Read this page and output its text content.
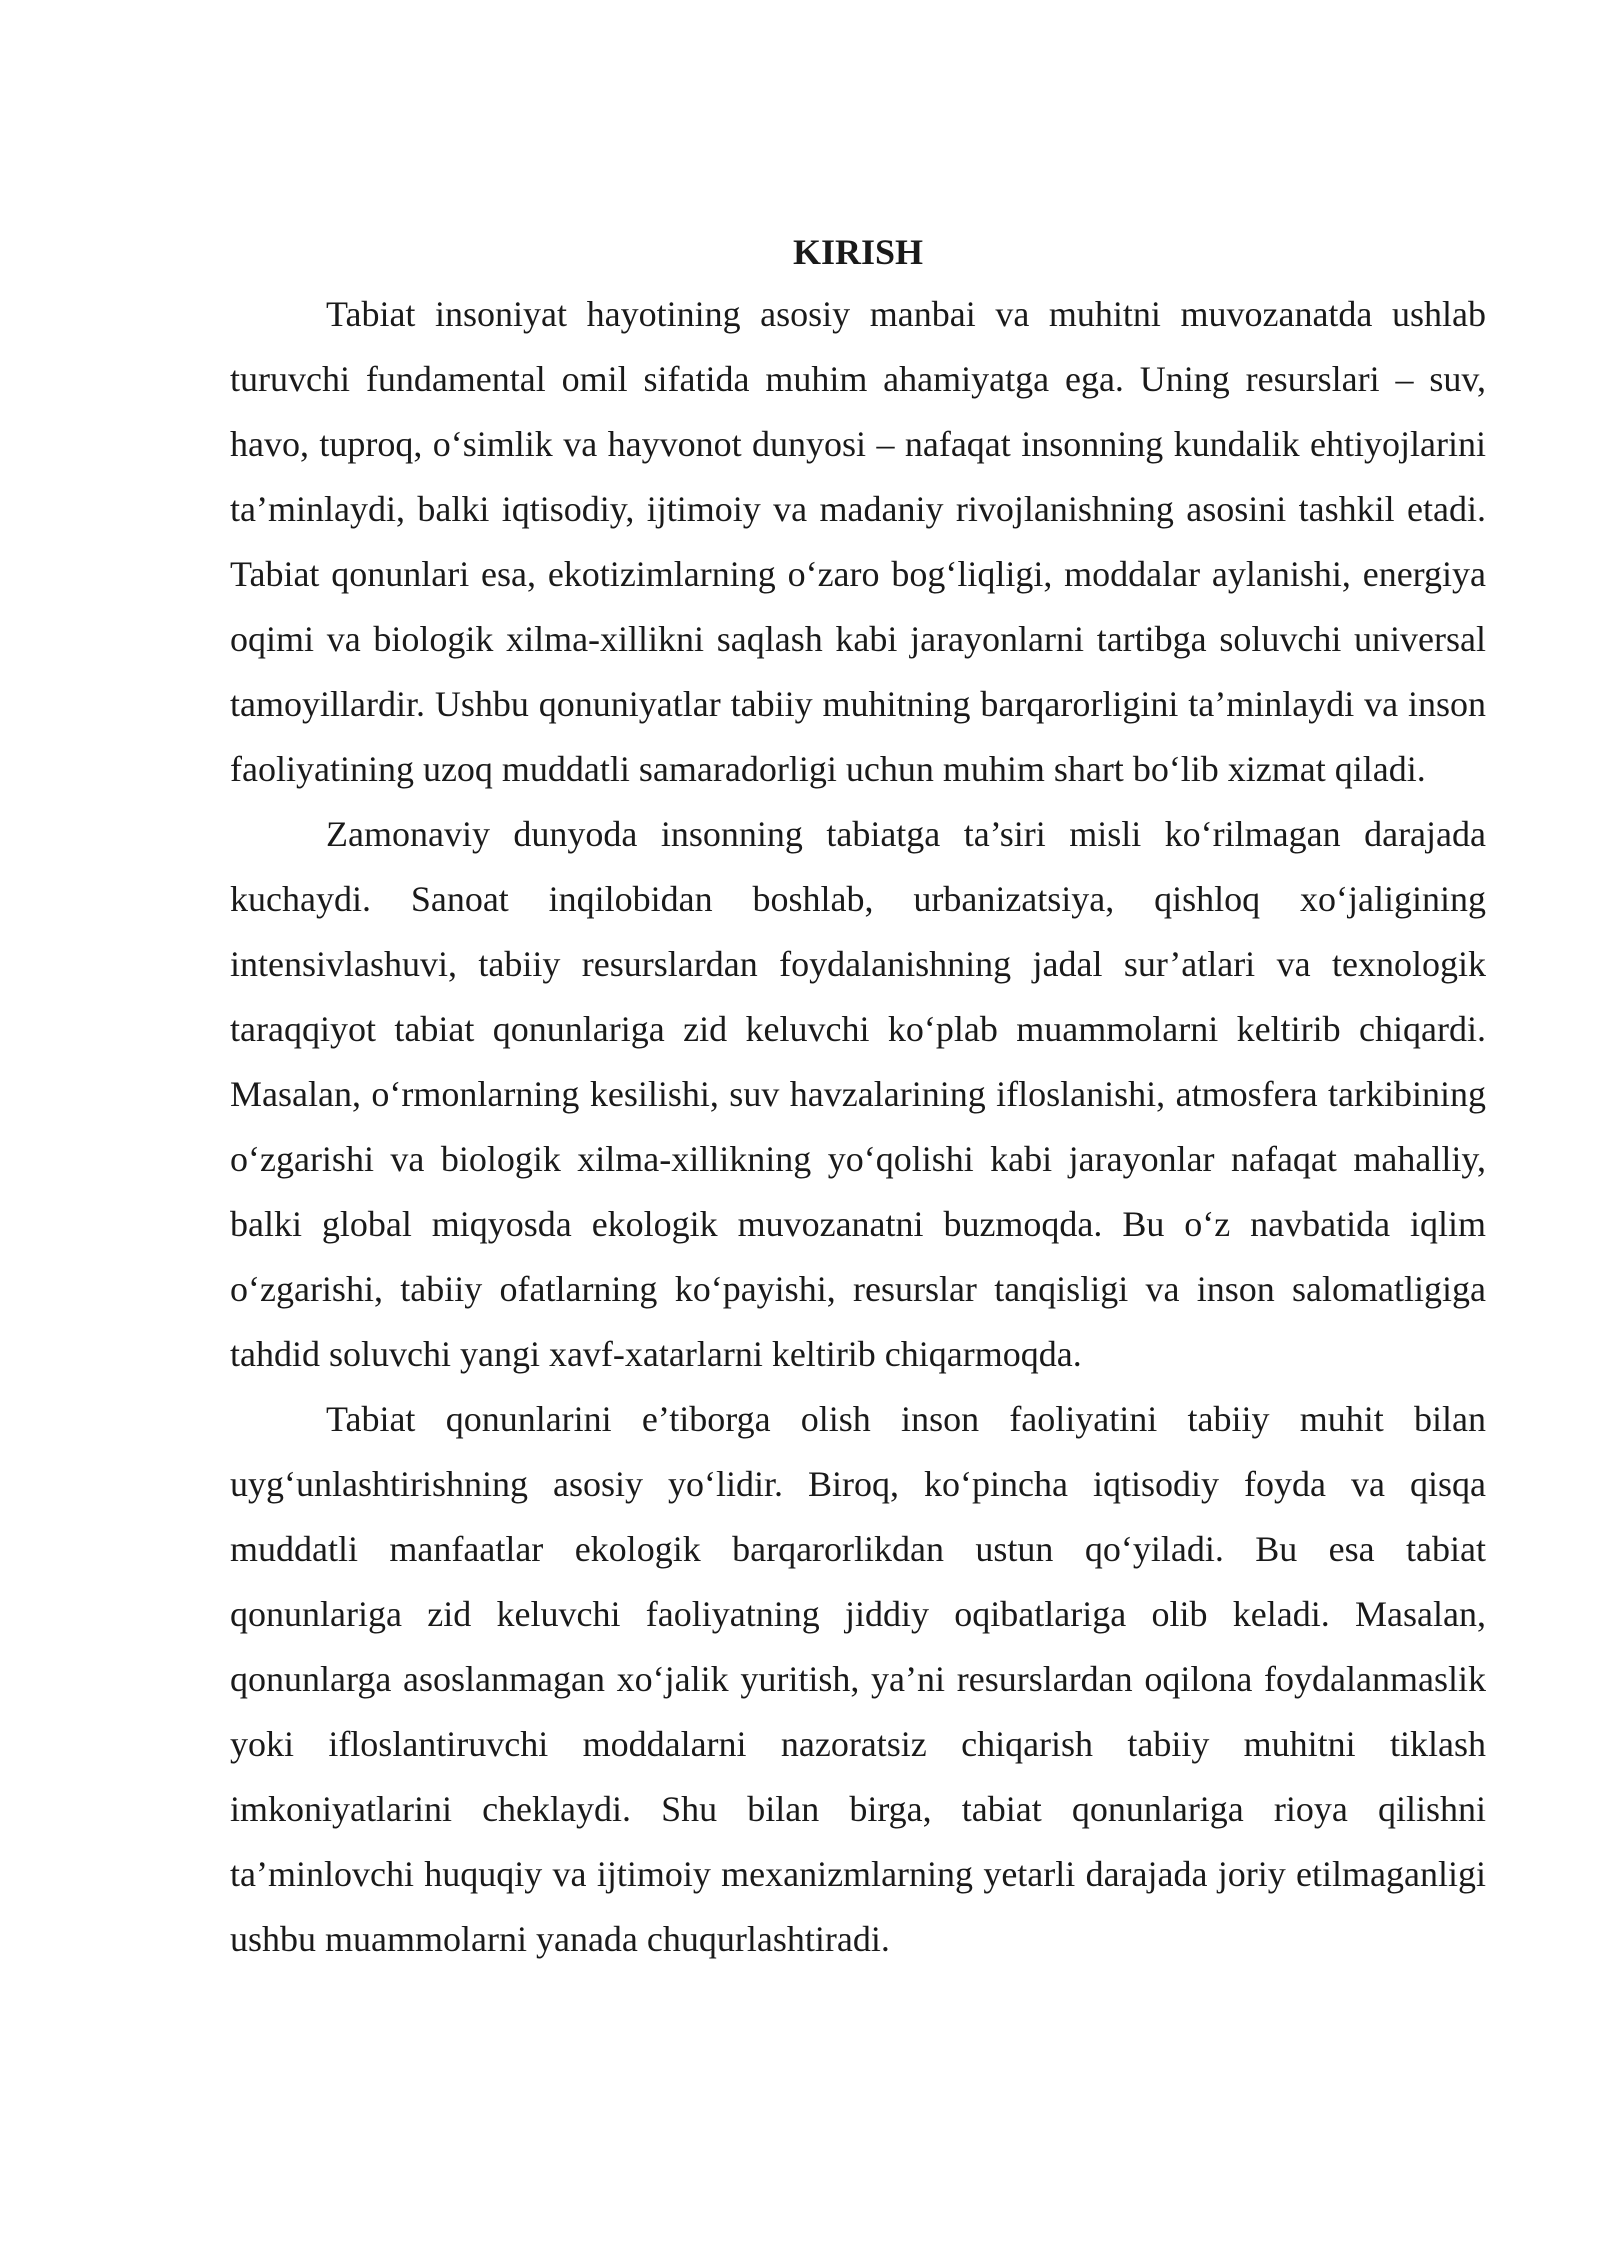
KIRISH

Tabiat insoniyat hayotining asosiy manbai va muhitni muvozanatda ushlab turuvchi fundamental omil sifatida muhim ahamiyatga ega. Uning resurslari – suv, havo, tuproq, o‘simlik va hayvonot dunyosi – nafaqat insonning kundalik ehtiyojlarini ta’minlaydi, balki iqtisodiy, ijtimoiy va madaniy rivojlanishning asosini tashkil etadi. Tabiat qonunlari esa, ekotizimlarning o‘zaro bog‘liqligi, moddalar aylanishi, energiya oqimi va biologik xilma-xillikni saqlash kabi jarayonlarni tartibga soluvchi universal tamoyillardir. Ushbu qonuniyatlar tabiiy muhitning barqarorligini ta’minlaydi va inson faoliyatining uzoq muddatli samaradorligi uchun muhim shart bo‘lib xizmat qiladi.

Zamonaviy dunyoda insonning tabiatga ta’siri misli ko‘rilmagan darajada kuchaydi. Sanoat inqilobidan boshlab, urbanizatsiya, qishloq xo‘jaligining intensivlashuvi, tabiiy resurslardan foydalanishning jadal sur’atlari va texnologik taraqqiyot tabiat qonunlariga zid keluvchi ko‘plab muammolarni keltirib chiqardi. Masalan, o‘rmonlarning kesilishi, suv havzalarining ifloslanishi, atmosfera tarkibining o‘zgarishi va biologik xilma-xillikning yo‘qolishi kabi jarayonlar nafaqat mahalliy, balki global miqyosda ekologik muvozanatni buzmoqda. Bu o‘z navbatida iqlim o‘zgarishi, tabiiy ofatlarning ko‘payishi, resurslar tanqisligi va inson salomatligiga tahdid soluvchi yangi xavf-xatarlarni keltirib chiqarmoqda.

Tabiat qonunlarini e’tiborga olish inson faoliyatini tabiiy muhit bilan uyg‘unlashtirishning asosiy yo‘lidir. Biroq, ko‘pincha iqtisodiy foyda va qisqa muddatli manfaatlar ekologik barqarorlikdan ustun qo‘yiladi. Bu esa tabiat qonunlariga zid keluvchi faoliyatning jiddiy oqibatlariga olib keladi. Masalan, qonunlarga asoslanmagan xo‘jalik yuritish, ya’ni resurslardan oqilona foydalanmaslik yoki ifloslantiruvchi moddalarni nazoratsiz chiqarish tabiiy muhitni tiklash imkoniyatlarini cheklaydi. Shu bilan birga, tabiat qonunlariga rioya qilishni ta’minlovchi huquqiy va ijtimoiy mexanizmlarning yetarli darajada joriy etilmaganligi ushbu muammolarni yanada chuqurlashtiradi.
